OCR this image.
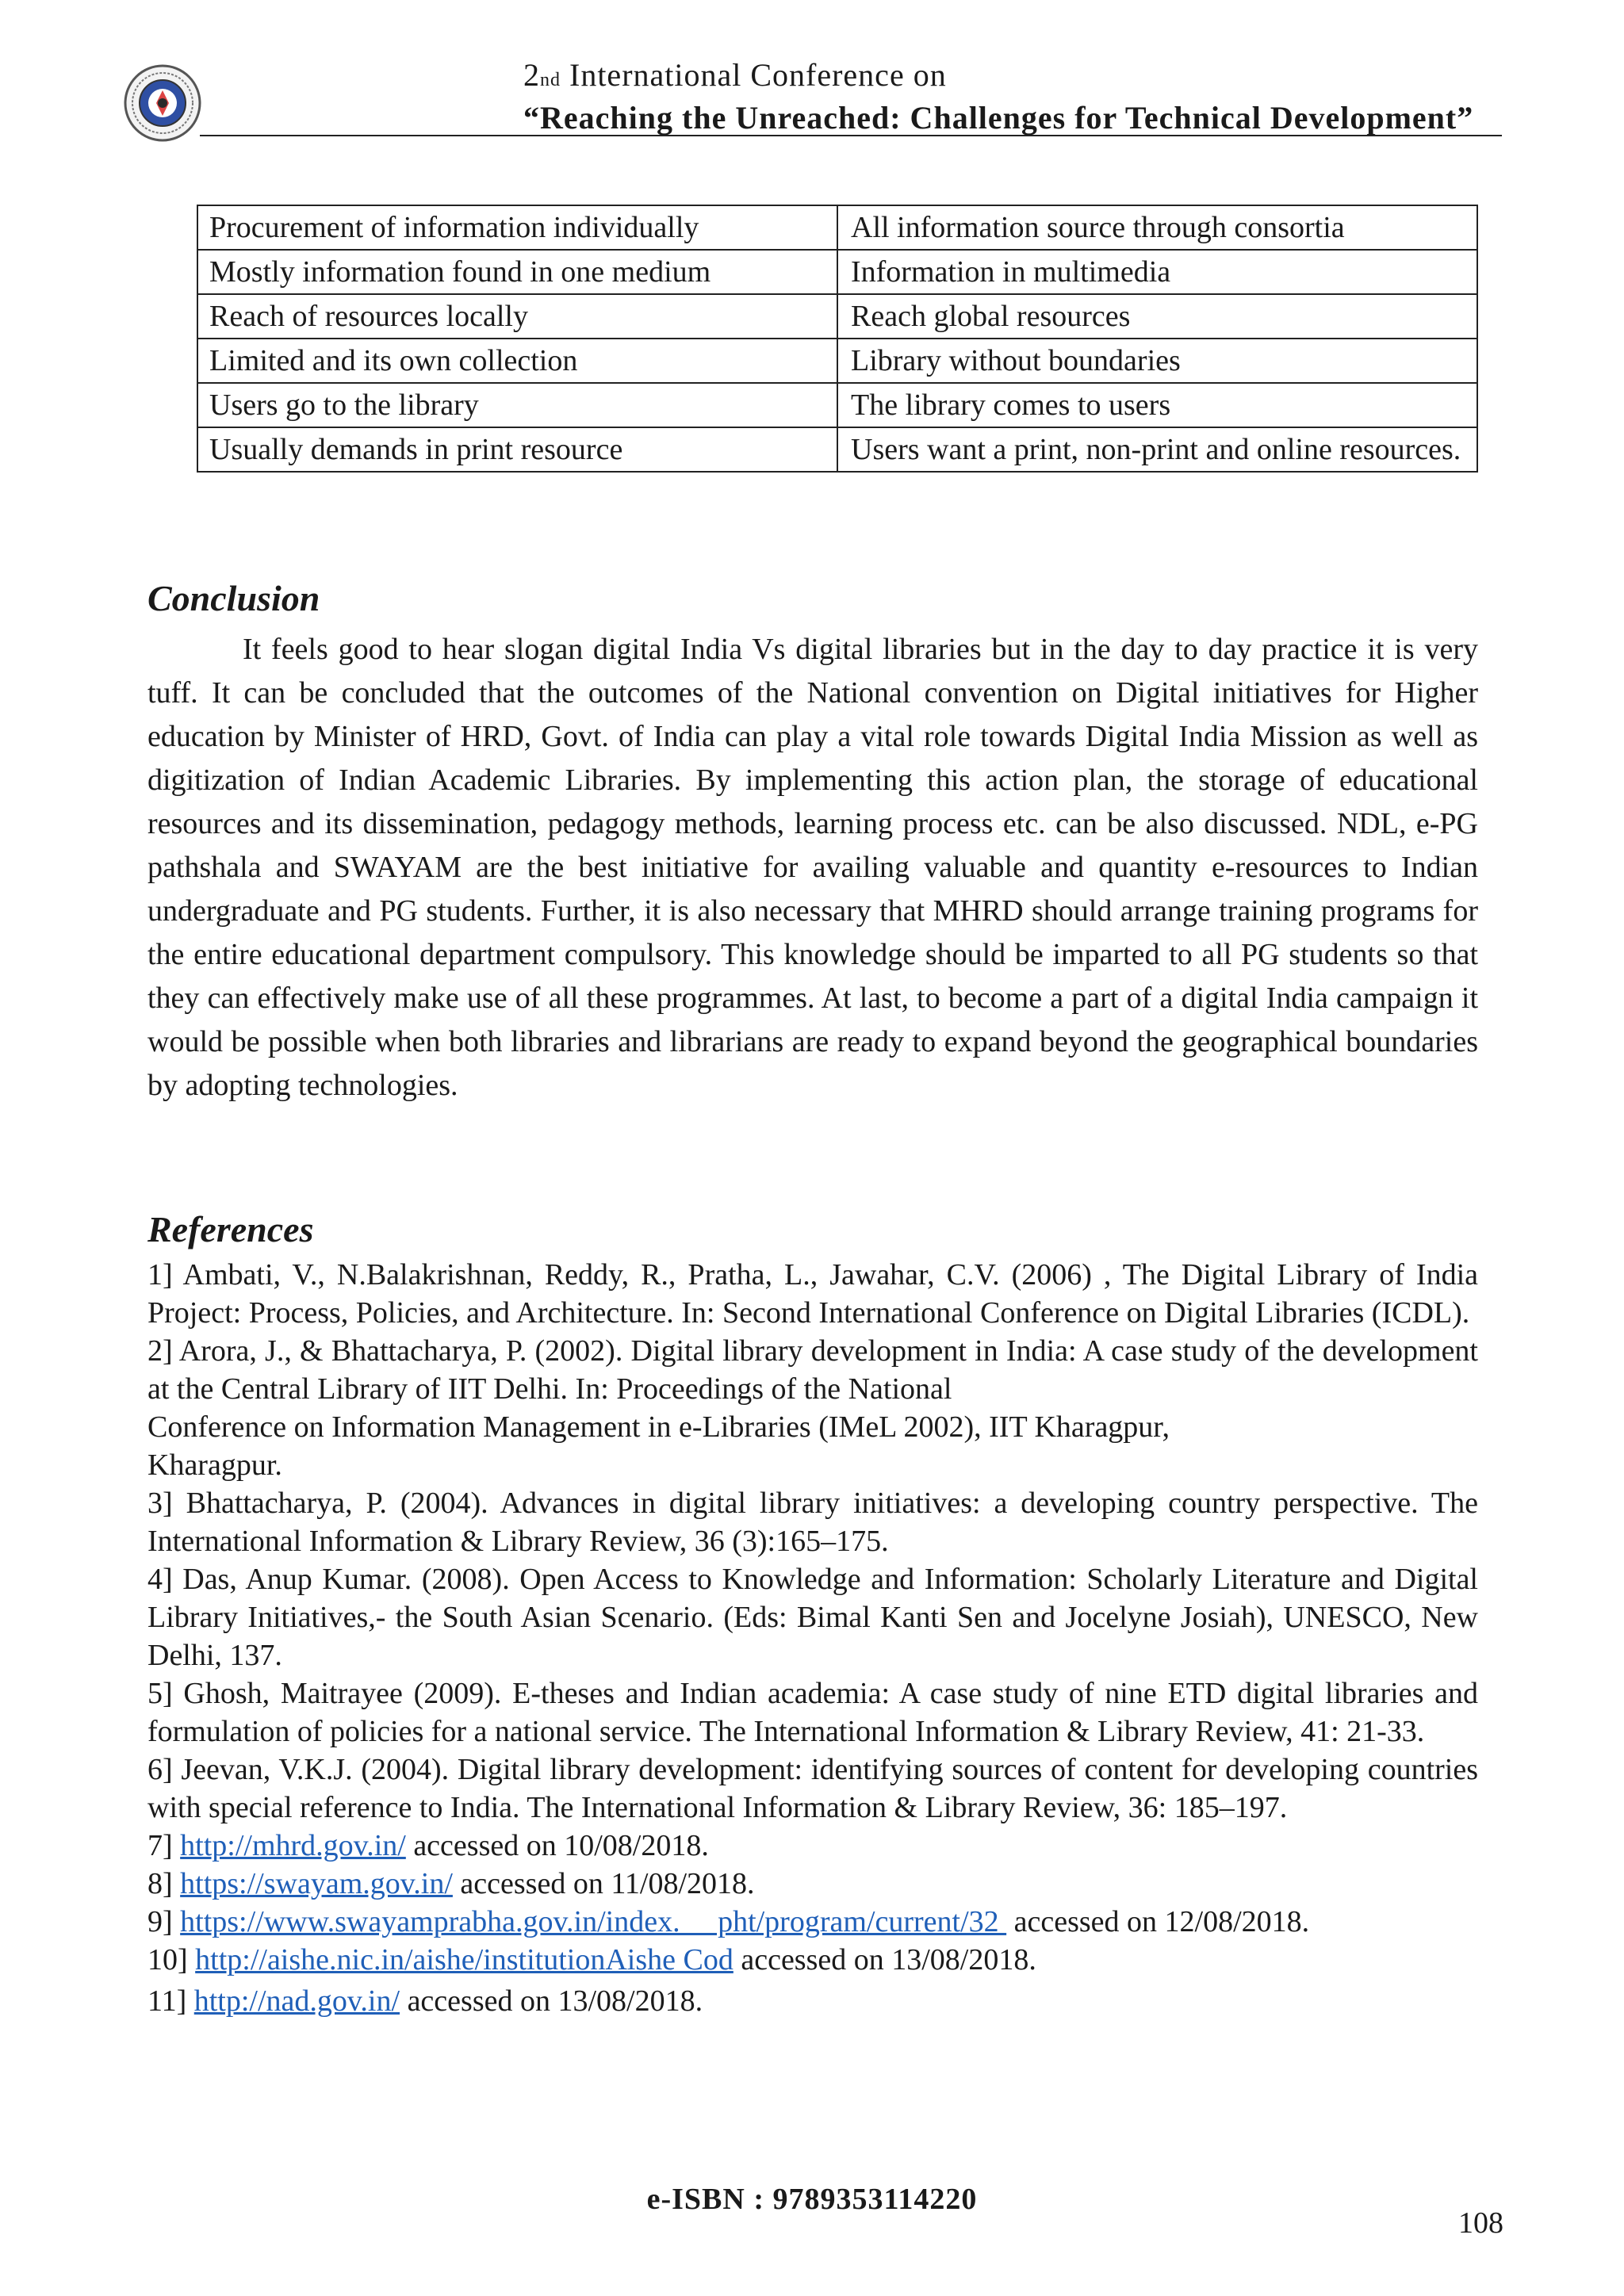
2nd International Conference on
“Reaching the Unreached: Challenges for Technical Development”
Procurement of information individually	All information source through consortia
Mostly information found in one medium	Information in multimedia
Reach of resources locally	Reach global resources
Limited and its own collection	Library without boundaries
Users go to the library	The library comes to users
Usually demands in print resource	Users want a print, non-print and online resources.
Conclusion
It feels good to hear slogan digital India Vs digital libraries but in the day to day practice it is very tuff. It can be concluded that the outcomes of the National convention on Digital initiatives for Higher education by Minister of HRD, Govt. of India can play a vital role towards Digital India Mission as well as digitization of Indian Academic Libraries. By implementing this action plan, the storage of educational resources and its dissemination, pedagogy methods, learning process etc. can be also discussed. NDL, e-PG pathshala and SWAYAM are the best initiative for availing valuable and quantity e-resources to Indian undergraduate and PG students. Further, it is also necessary that MHRD should arrange training programs for the entire educational department compulsory. This knowledge should be imparted to all PG students so that they can effectively make use of all these programmes. At last, to become a part of a digital India campaign it would be possible when both libraries and librarians are ready to expand beyond the geographical boundaries by adopting technologies.
References

1] Ambati, V., N.Balakrishnan, Reddy, R., Pratha, L., Jawahar, C.V. (2006) , The Digital Library of India Project: Process, Policies, and Architecture. In: Second International Conference on Digital Libraries (ICDL).

2] Arora, J., & Bhattacharya, P. (2002). Digital library development in India: A case study of the development at the Central Library of IIT Delhi. In: Proceedings of the National

Conference on Information Management in e-Libraries (IMeL 2002), IIT Kharagpur,

Kharagpur.

3] Bhattacharya, P. (2004). Advances in digital library initiatives: a developing country perspective. The International Information & Library Review, 36 (3):165–175.

4] Das, Anup Kumar. (2008). Open Access to Knowledge and Information: Scholarly Literature and Digital Library Initiatives,- the South Asian Scenario. (Eds: Bimal Kanti Sen and Jocelyne Josiah), UNESCO, New Delhi, 137.

5] Ghosh, Maitrayee (2009). E-theses and Indian academia: A case study of nine ETD digital libraries and formulation of policies for a national service. The International Information & Library Review, 41: 21-33.

6] Jeevan, V.K.J. (2004). Digital library development: identifying sources of content for developing countries with special reference to India. The International Information & Library Review, 36: 185–197.

7] http://mhrd.gov.in/ accessed on 10/08/2018.

8] https://swayam.gov.in/ accessed on 11/08/2018.

9] https://www.swayamprabha.gov.in/index.     pht/program/current/32  accessed on 12/08/2018.

10] http://aishe.nic.in/aishe/institutionAishe Cod accessed on 13/08/2018.

11] http://nad.gov.in/ accessed on 13/08/2018.

e-ISBN : 9789353114220
108
